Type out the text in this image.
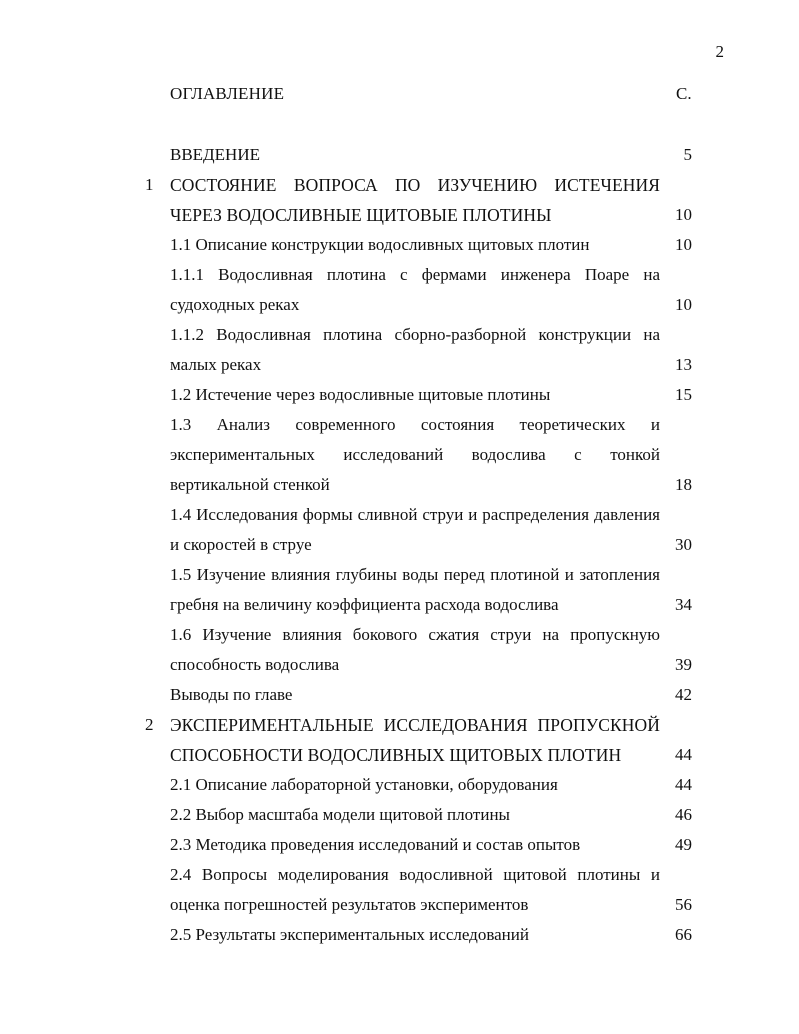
2
ОГЛАВЛЕНИЕ	С.
ВВЕДЕНИЕ	5
1 СОСТОЯНИЕ ВОПРОСА ПО ИЗУЧЕНИЮ ИСТЕЧЕНИЯ ЧЕРЕЗ ВОДОСЛИВНЫЕ ЩИТОВЫЕ ПЛОТИНЫ	10
1.1 Описание конструкции водосливных щитовых плотин	10
1.1.1 Водосливная плотина с фермами инженера Поаре на судоходных реках	10
1.1.2 Водосливная плотина сборно-разборной конструкции на малых реках	13
1.2 Истечение через водосливные щитовые плотины	15
1.3 Анализ современного состояния теоретических и экспериментальных исследований водослива с тонкой вертикальной стенкой	18
1.4 Исследования формы сливной струи и распределения давления и скоростей в струе	30
1.5 Изучение влияния глубины воды перед плотиной и затопления гребня на величину коэффициента расхода водослива	34
1.6 Изучение влияния бокового сжатия струи на пропускную способность водослива	39
Выводы по главе	42
2 ЭКСПЕРИМЕНТАЛЬНЫЕ ИССЛЕДОВАНИЯ ПРОПУСКНОЙ СПОСОБНОСТИ ВОДОСЛИВНЫХ ЩИТОВЫХ ПЛОТИН	44
2.1 Описание лабораторной установки, оборудования	44
2.2 Выбор масштаба модели щитовой плотины	46
2.3 Методика проведения исследований и состав опытов	49
2.4 Вопросы моделирования водосливной щитовой плотины и оценка погрешностей результатов экспериментов	56
2.5 Результаты экспериментальных исследований	66
